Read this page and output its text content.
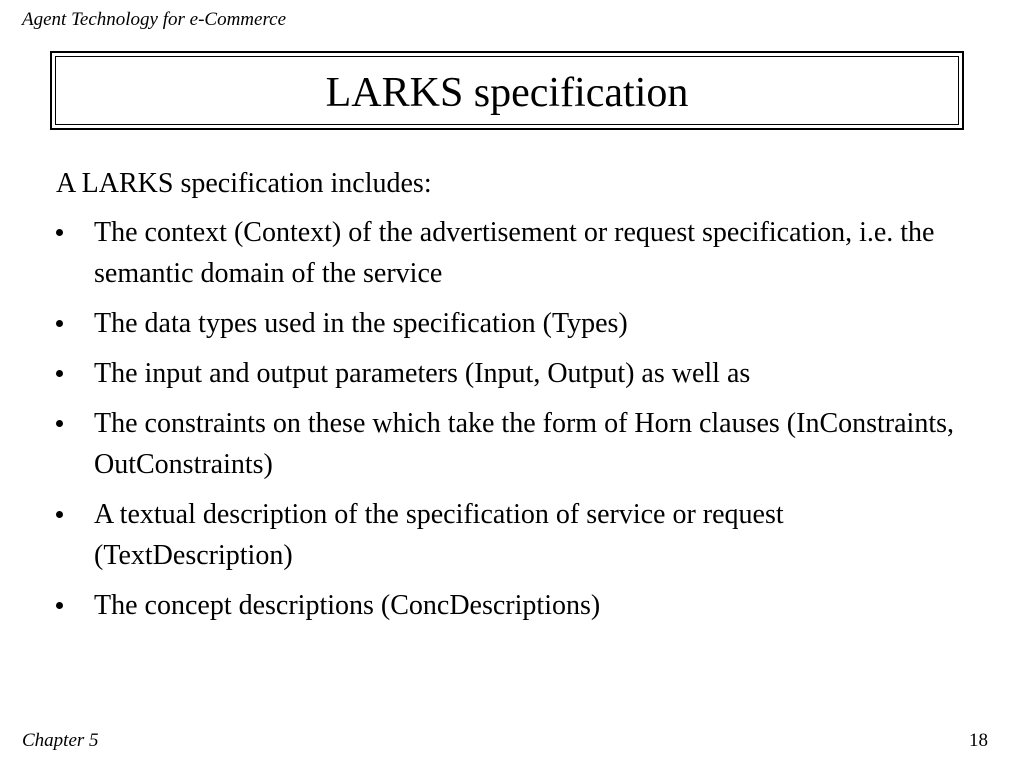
Agent Technology for e-Commerce
LARKS specification

A LARKS specification includes:

The context (Context) of the advertisement or request specification, i.e. the semantic domain of the service
The data types used in the specification (Types)
The input and output parameters (Input, Output) as well as
The constraints on these which take the form of Horn clauses (InConstraints, OutConstraints)
A textual description of the specification of service or request (TextDescription)
The concept descriptions (ConcDescriptions)
Chapter 5	18
